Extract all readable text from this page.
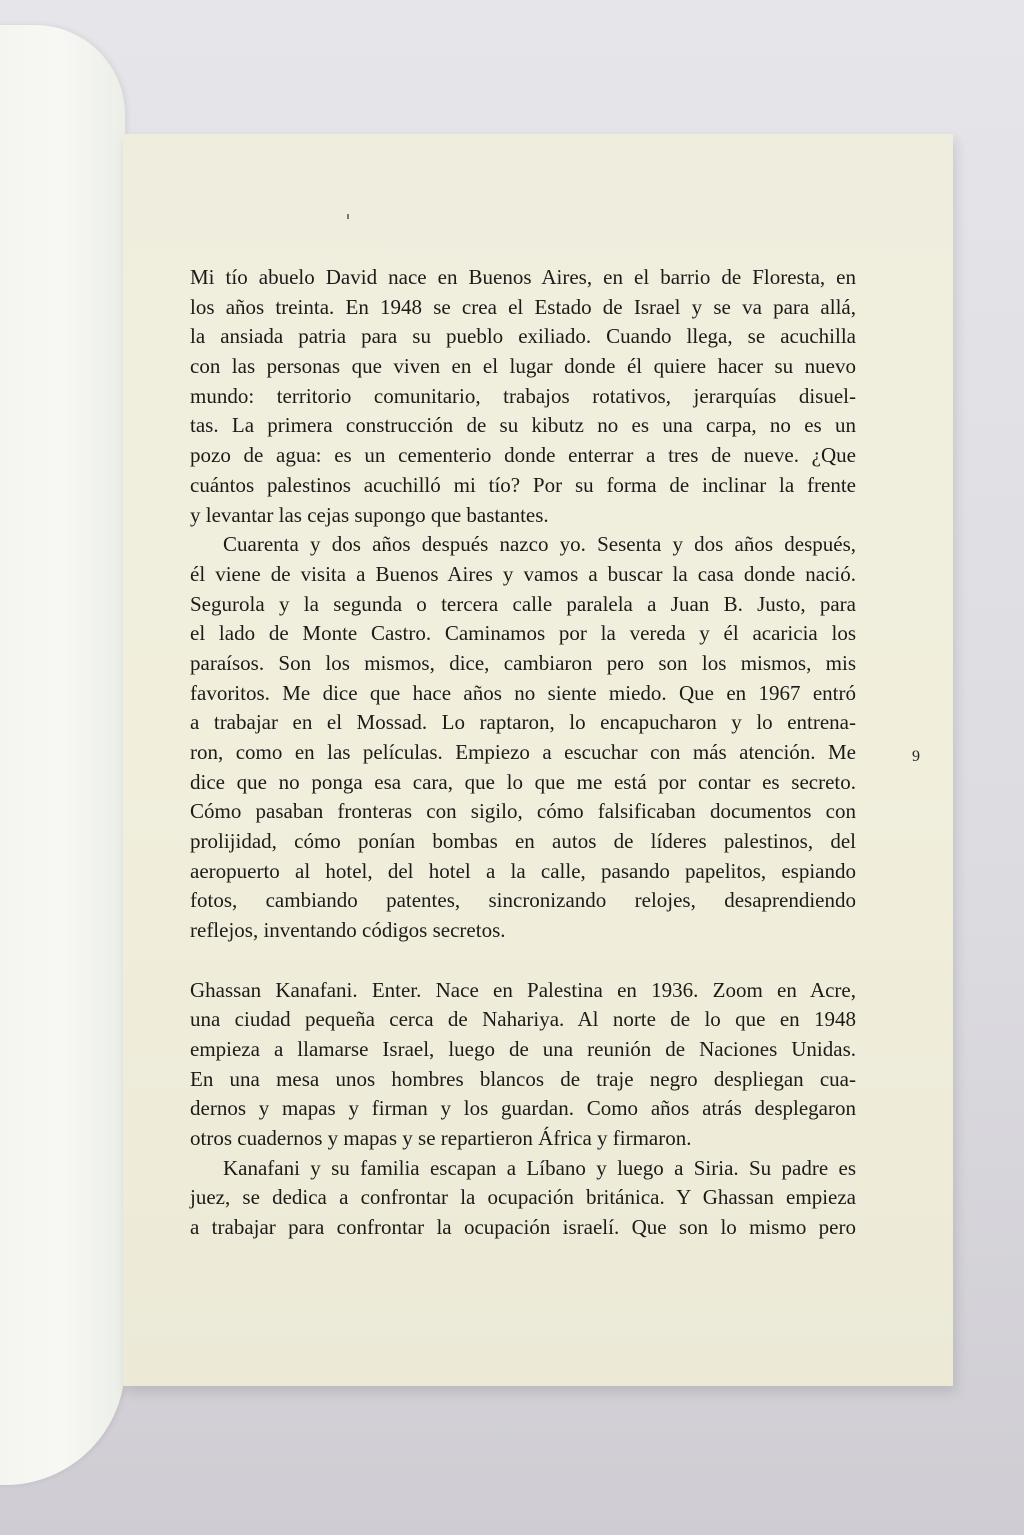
Mi tío abuelo David nace en Buenos Aires, en el barrio de Floresta, en
los años treinta. En 1948 se crea el Estado de Israel y se va para allá,
la ansiada patria para su pueblo exiliado. Cuando llega, se acuchilla
con las personas que viven en el lugar donde él quiere hacer su nuevo
mundo: territorio comunitario, trabajos rotativos, jerarquías disuel-
tas. La primera construcción de su kibutz no es una carpa, no es un
pozo de agua: es un cementerio donde enterrar a tres de nueve. ¿Que
cuántos palestinos acuchilló mi tío? Por su forma de inclinar la frente
y levantar las cejas supongo que bastantes.
Cuarenta y dos años después nazco yo. Sesenta y dos años después,
él viene de visita a Buenos Aires y vamos a buscar la casa donde nació.
Segurola y la segunda o tercera calle paralela a Juan B. Justo, para
el lado de Monte Castro. Caminamos por la vereda y él acaricia los
paraísos. Son los mismos, dice, cambiaron pero son los mismos, mis
favoritos. Me dice que hace años no siente miedo. Que en 1967 entró
a trabajar en el Mossad. Lo raptaron, lo encapucharon y lo entrena-
ron, como en las películas. Empiezo a escuchar con más atención. Me
dice que no ponga esa cara, que lo que me está por contar es secreto.
Cómo pasaban fronteras con sigilo, cómo falsificaban documentos con
prolijidad, cómo ponían bombas en autos de líderes palestinos, del
aeropuerto al hotel, del hotel a la calle, pasando papelitos, espiando
fotos, cambiando patentes, sincronizando relojes, desaprendiendo
reflejos, inventando códigos secretos.
Ghassan Kanafani. Enter. Nace en Palestina en 1936. Zoom en Acre,
una ciudad pequeña cerca de Nahariya. Al norte de lo que en 1948
empieza a llamarse Israel, luego de una reunión de Naciones Unidas.
En una mesa unos hombres blancos de traje negro despliegan cua-
dernos y mapas y firman y los guardan. Como años atrás desplegaron
otros cuadernos y mapas y se repartieron África y firmaron.
Kanafani y su familia escapan a Líbano y luego a Siria. Su padre es
juez, se dedica a confrontar la ocupación británica. Y Ghassan empieza
a trabajar para confrontar la ocupación israelí. Que son lo mismo pero
9
